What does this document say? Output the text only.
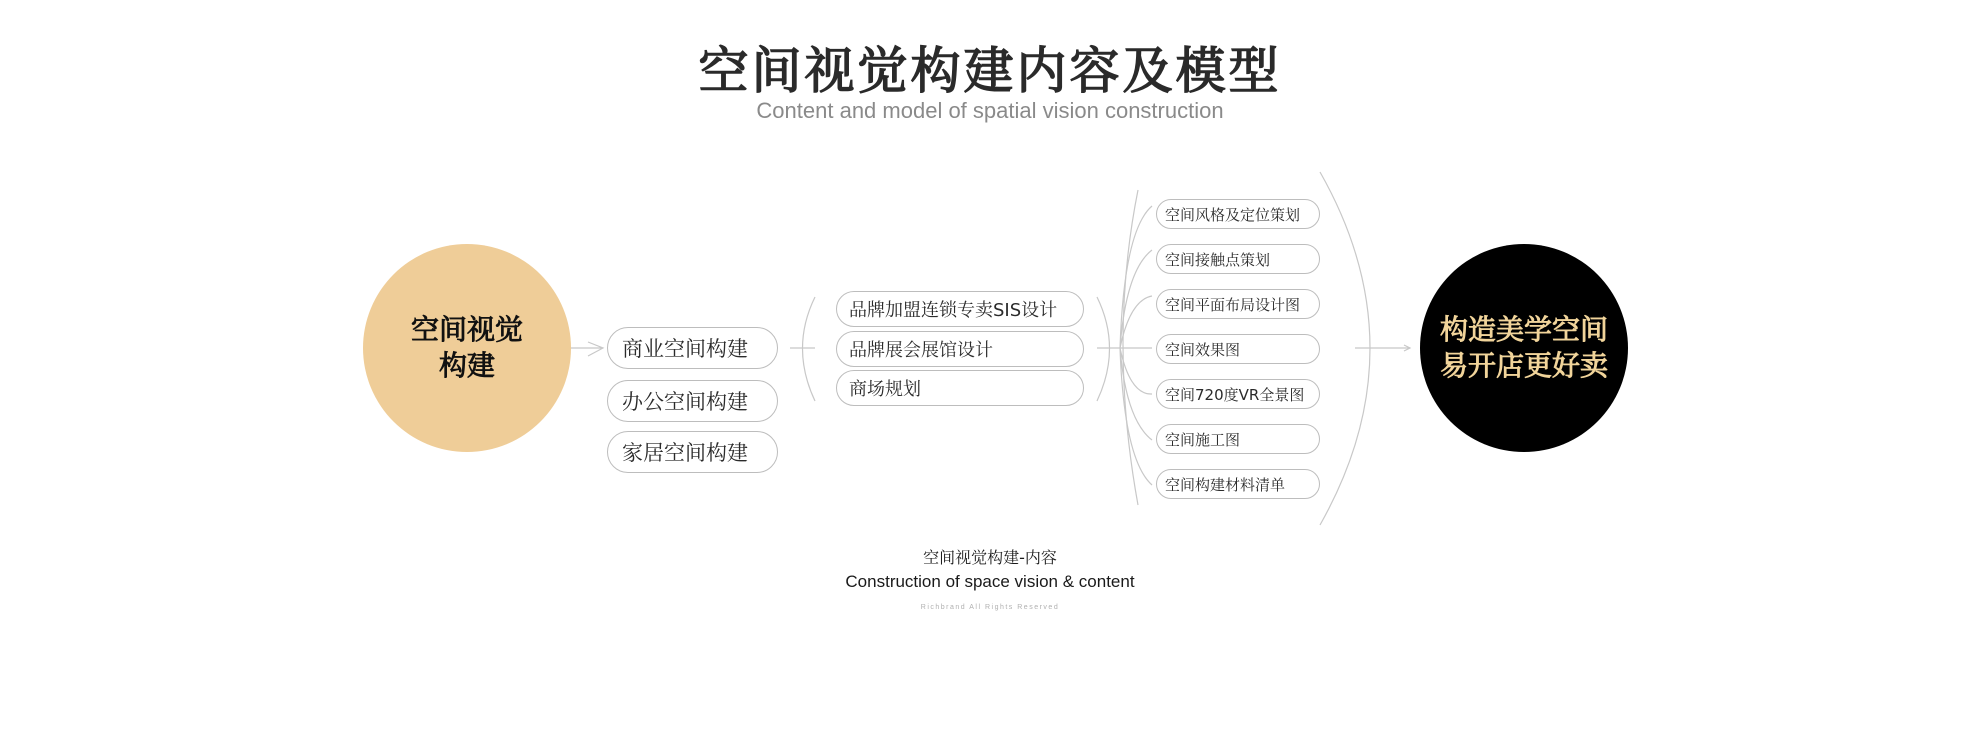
空间视觉构建内容及模型
Content and model of spatial vision construction
空间视觉
构建	商业空间构建
办公空间构建
家居空间构建
品牌加盟连锁专卖SIS设计
品牌展会展馆设计
商场规划
空间风格及定位策划
空间接触点策划
空间平面布局设计图
空间效果图
空间720度VR全景图
空间施工图
空间构建材料清单
构造美学空间
易开店更好卖
空间视觉构建-内容
Construction of space vision & content
Richbrand All Rights Reserved
